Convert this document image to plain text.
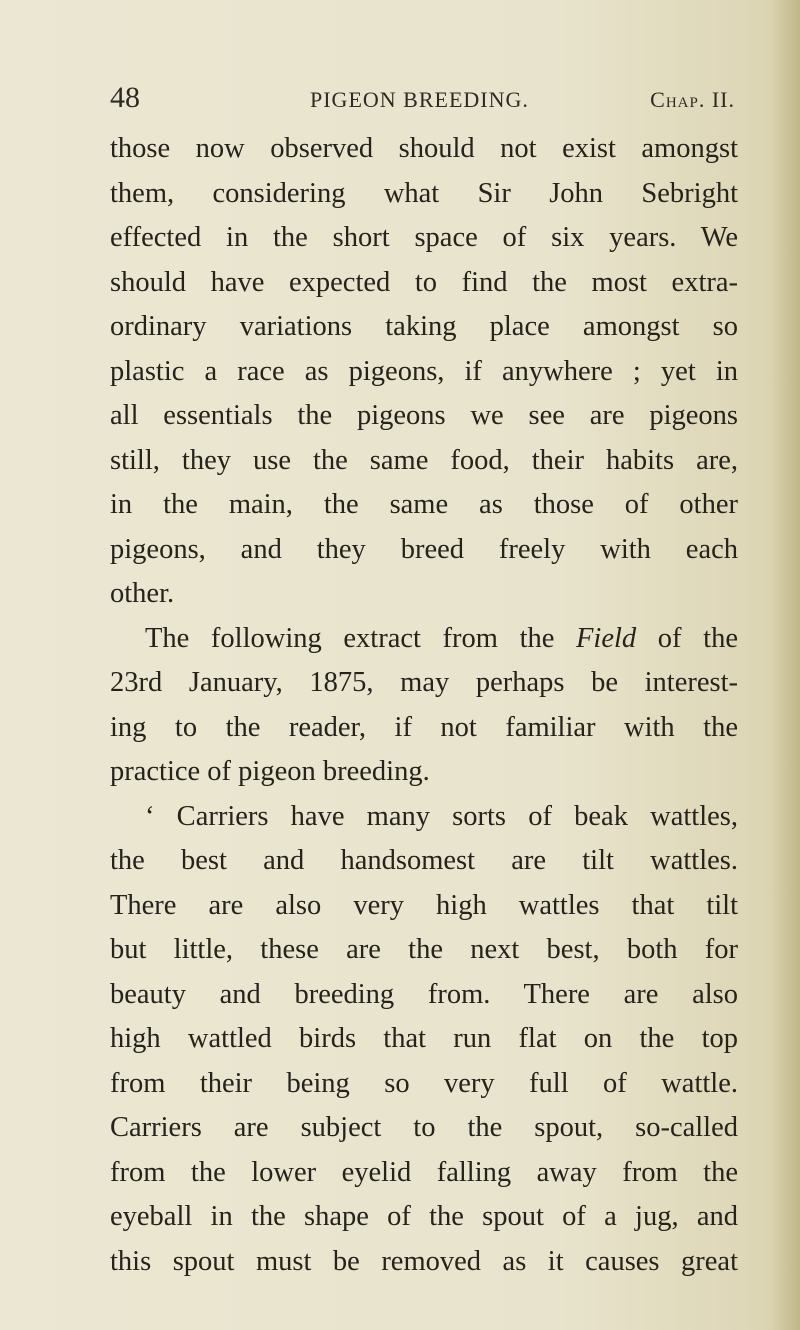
48	PIGEON BREEDING.	Chap. II.
those now observed should not exist amongst
them, considering what Sir John Sebright
effected in the short space of six years. We
should have expected to find the most extra-
ordinary variations taking place amongst so
plastic a race as pigeons, if anywhere ; yet in
all essentials the pigeons we see are pigeons
still, they use the same food, their habits are,
in the main, the same as those of other
pigeons, and they breed freely with each
other.
The following extract from the Field of the
23rd January, 1875, may perhaps be interest-
ing to the reader, if not familiar with the
practice of pigeon breeding.
‘ Carriers have many sorts of beak wattles,
the best and handsomest are tilt wattles.
There are also very high wattles that tilt
but little, these are the next best, both for
beauty and breeding from. There are also
high wattled birds that run flat on the top
from their being so very full of wattle.
Carriers are subject to the spout, so-called
from the lower eyelid falling away from the
eyeball in the shape of the spout of a jug, and
this spout must be removed as it causes great
